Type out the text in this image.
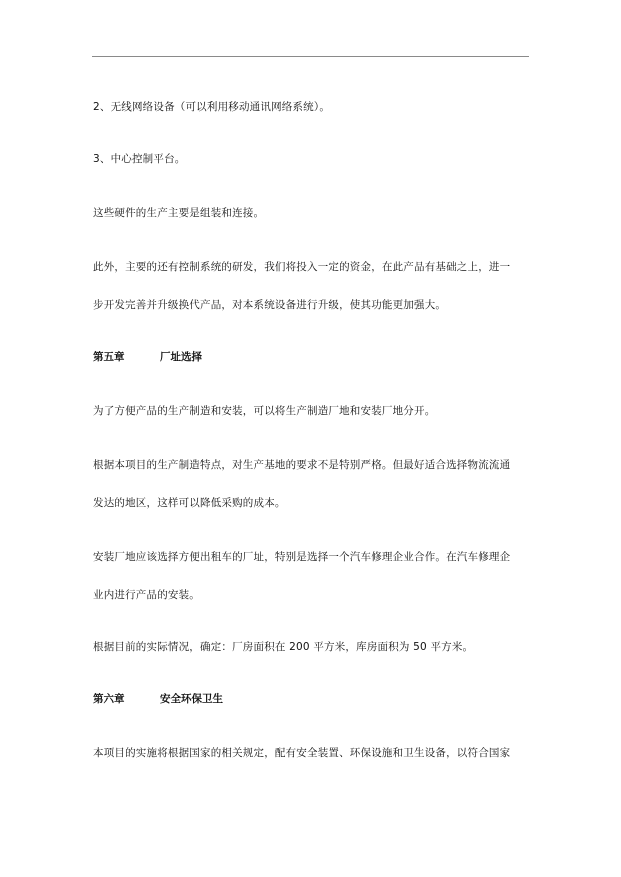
2、无线网络设备（可以利用移动通讯网络系统）。
3、中心控制平台。
这些硬件的生产主要是组装和连接。
此外，主要的还有控制系统的研发，我们将投入一定的资金，在此产品有基础之上，进一
步开发完善并升级换代产品，对本系统设备进行升级，使其功能更加强大。
第五章	厂址选择
为了方便产品的生产制造和安装，可以将生产制造厂地和安装厂地分开。
根据本项目的生产制造特点，对生产基地的要求不是特别严格。但最好适合选择物流流通
发达的地区，这样可以降低采购的成本。
安装厂地应该选择方便出租车的厂址，特别是选择一个汽车修理企业合作。在汽车修理企
业内进行产品的安装。
根据目前的实际情况，确定：厂房面积在 200 平方米，库房面积为 50 平方米。
第六章	安全环保卫生
本项目的实施将根据国家的相关规定，配有安全装置、环保设施和卫生设备，以符合国家
